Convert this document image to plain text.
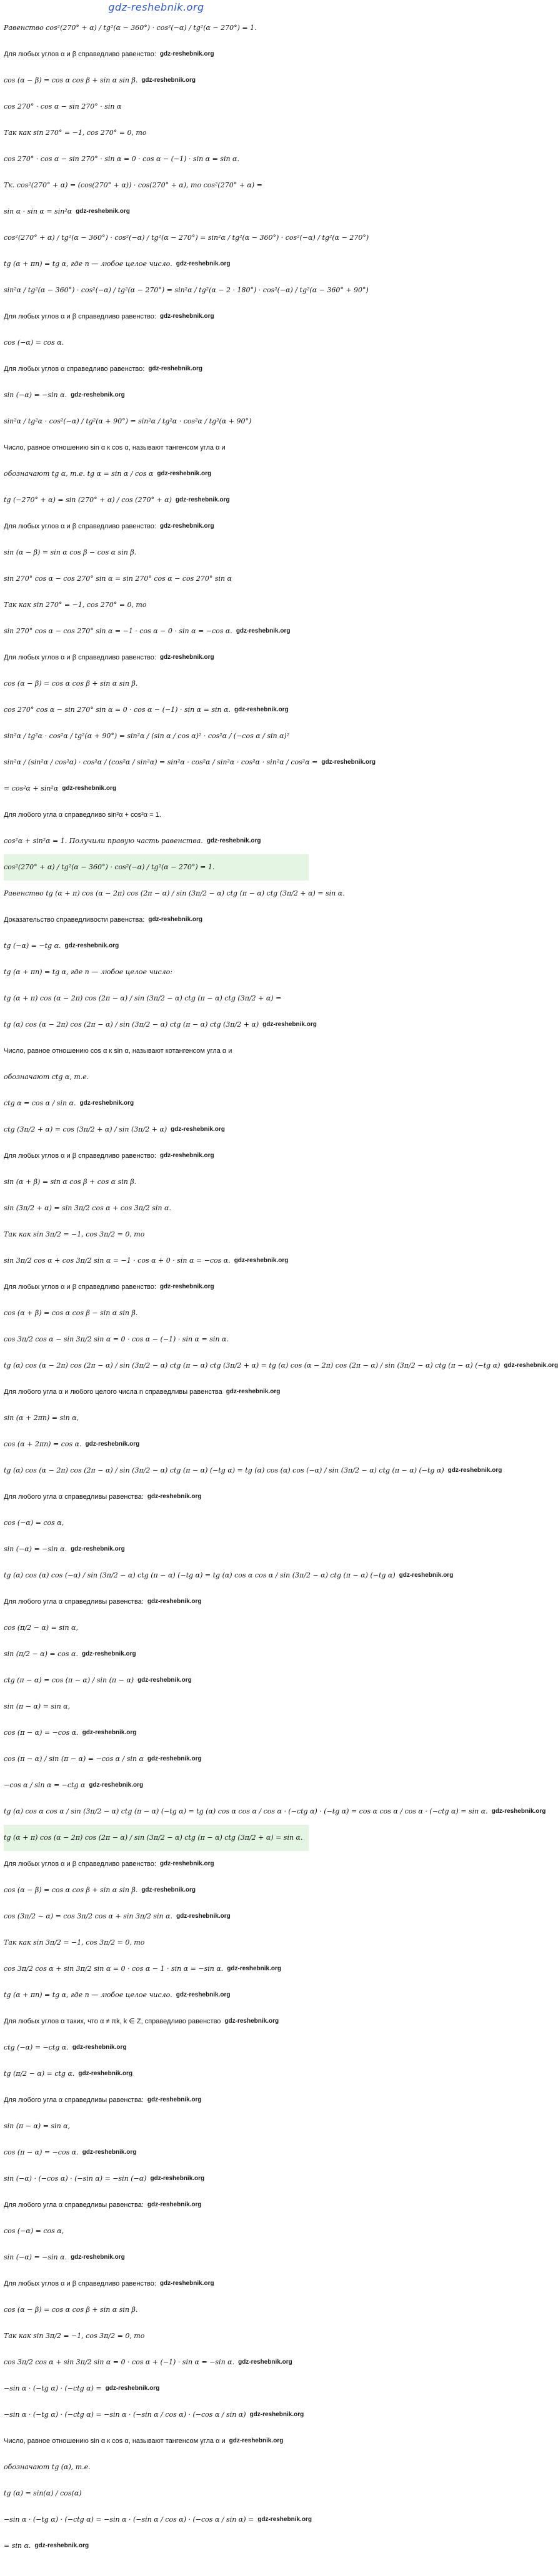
gdz-reshebnik.org
Равенство cos²(270° + α) / tg²(α − 360°) · cos²(−α) / tg²(α − 270°) = 1.
Для любых углов α и β справедливо равенство: gdz-reshebnik.org
cos (α − β) = cos α cos β + sin α sin β. gdz-reshebnik.org
cos 270° · cos α − sin 270° · sin α
Так как sin 270° = −1, cos 270° = 0, то
cos 270° · cos α − sin 270° · sin α = 0 · cos α − (−1) · sin α = sin α.
Тк. cos²(270° + α) = (cos(270° + α)) · cos(270° + α), то cos²(270° + α) =
sin α · sin α = sin²α gdz-reshebnik.org
cos²(270° + α) / tg²(α − 360°) · cos²(−α) / tg²(α − 270°) = sin²α / tg²(α − 360°) · cos²(−α) / tg²(α − 270°)
tg (α + πn) = tg α, где n — любое целое число. gdz-reshebnik.org
sin²α / tg²(α − 360°) · cos²(−α) / tg²(α − 270°) = sin²α / tg²(α − 2 · 180°) · cos²(−α) / tg²(α − 360° + 90°)
Для любых углов α и β справедливо равенство: gdz-reshebnik.org
cos (−α) = cos α.
Для любых углов α справедливо равенство: gdz-reshebnik.org
sin (−α) = −sin α. gdz-reshebnik.org
sin²α / tg²α · cos²(−α) / tg²(α + 90°) = sin²α / tg²α · cos²α / tg²(α + 90°)
Число, равное отношению sin α к cos α, называют тангенсом угла α и
обозначают tg α, т.е. tg α = sin α / cos α gdz-reshebnik.org
tg (−270° + α) = sin (270° + α) / cos (270° + α) gdz-reshebnik.org
Для любых углов α и β справедливо равенство: gdz-reshebnik.org
sin (α − β) = sin α cos β − cos α sin β.
sin 270° cos α − cos 270° sin α = sin 270° cos α − cos 270° sin α
Так как sin 270° = −1, cos 270° = 0, то
sin 270° cos α − cos 270° sin α = −1 · cos α − 0 · sin α = −cos α. gdz-reshebnik.org
Для любых углов α и β справедливо равенство: gdz-reshebnik.org
cos (α − β) = cos α cos β + sin α sin β.
cos 270° cos α − sin 270° sin α = 0 · cos α − (−1) · sin α = sin α. gdz-reshebnik.org
sin²α / tg²α · cos²α / tg²(α + 90°) = sin²α / (sin α / cos α)² · cos²α / (−cos α / sin α)²
sin²α / (sin²α / cos²α) · cos²α / (cos²α / sin²α) = sin²α · cos²α / sin²α · cos²α · sin²α / cos²α = gdz-reshebnik.org
= cos²α + sin²α gdz-reshebnik.org
Для любого угла α справедливо sin²α + cos²α = 1.
cos²α + sin²α = 1. Получили правую часть равенства. gdz-reshebnik.org
cos²(270° + α) / tg²(α − 360°) · cos²(−α) / tg²(α − 270°) = 1.
Равенство tg (α + π) cos (α − 2π) cos (2π − α) / sin (3π/2 − α) ctg (π − α) ctg (3π/2 + α) = sin α.
Доказательство справедливости равенства: gdz-reshebnik.org
tg (−α) = −tg α. gdz-reshebnik.org
tg (α + πn) = tg α, где n — любое целое число:
tg (α + π) cos (α − 2π) cos (2π − α) / sin (3π/2 − α) ctg (π − α) ctg (3π/2 + α) =
tg (α) cos (α − 2π) cos (2π − α) / sin (3π/2 − α) ctg (π − α) ctg (3π/2 + α) gdz-reshebnik.org
Число, равное отношению cos α к sin α, называют котангенсом угла α и
обозначают ctg α, т.е.
ctg α = cos α / sin α. gdz-reshebnik.org
ctg (3π/2 + α) = cos (3π/2 + α) / sin (3π/2 + α) gdz-reshebnik.org
Для любых углов α и β справедливо равенство: gdz-reshebnik.org
sin (α + β) = sin α cos β + cos α sin β.
sin (3π/2 + α) = sin 3π/2 cos α + cos 3π/2 sin α.
Так как sin 3π/2 = −1, cos 3π/2 = 0, то
sin 3π/2 cos α + cos 3π/2 sin α = −1 · cos α + 0 · sin α = −cos α. gdz-reshebnik.org
Для любых углов α и β справедливо равенство: gdz-reshebnik.org
cos (α + β) = cos α cos β − sin α sin β.
cos 3π/2 cos α − sin 3π/2 sin α = 0 · cos α − (−1) · sin α = sin α.
tg (α) cos (α − 2π) cos (2π − α) / sin (3π/2 − α) ctg (π − α) ctg (3π/2 + α) = tg (α) cos (α − 2π) cos (2π − α) / sin (3π/2 − α) ctg (π − α) (−tg α) gdz-reshebnik.org
Для любого угла α и любого целого числа n справедливы равенства gdz-reshebnik.org
sin (α + 2πn) = sin α,
cos (α + 2πn) = cos α. gdz-reshebnik.org
tg (α) cos (α − 2π) cos (2π − α) / sin (3π/2 − α) ctg (π − α) (−tg α) = tg (α) cos (α) cos (−α) / sin (3π/2 − α) ctg (π − α) (−tg α) gdz-reshebnik.org
Для любого угла α справедливы равенства: gdz-reshebnik.org
cos (−α) = cos α,
sin (−α) = −sin α. gdz-reshebnik.org
tg (α) cos (α) cos (−α) / sin (3π/2 − α) ctg (π − α) (−tg α) = tg (α) cos α cos α / sin (3π/2 − α) ctg (π − α) (−tg α) gdz-reshebnik.org
Для любого угла α справедливы равенства: gdz-reshebnik.org
cos (π/2 − α) = sin α,
sin (π/2 − α) = cos α. gdz-reshebnik.org
ctg (π − α) = cos (π − α) / sin (π − α) gdz-reshebnik.org
sin (π − α) = sin α,
cos (π − α) = −cos α. gdz-reshebnik.org
cos (π − α) / sin (π − α) = −cos α / sin α gdz-reshebnik.org
−cos α / sin α = −ctg α gdz-reshebnik.org
tg (α) cos α cos α / sin (3π/2 − α) ctg (π − α) (−tg α) = tg (α) cos α cos α / cos α · (−ctg α) · (−tg α) = cos α cos α / cos α · (−ctg α) = sin α. gdz-reshebnik.org
tg (α + π) cos (α − 2π) cos (2π − α) / sin (3π/2 − α) ctg (π − α) ctg (3π/2 + α) = sin α.
Для любых углов α и β справедливо равенство: gdz-reshebnik.org
cos (α − β) = cos α cos β + sin α sin β. gdz-reshebnik.org
cos (3π/2 − α) = cos 3π/2 cos α + sin 3π/2 sin α. gdz-reshebnik.org
Так как sin 3π/2 = −1, cos 3π/2 = 0, то
cos 3π/2 cos α + sin 3π/2 sin α = 0 · cos α − 1 · sin α = −sin α. gdz-reshebnik.org
tg (α + πn) = tg α, где n — любое целое число. gdz-reshebnik.org
Для любых углов α таких, что α ≠ πk, k ∈ Z, справедливо равенство gdz-reshebnik.org
ctg (−α) = −ctg α. gdz-reshebnik.org
tg (π/2 − α) = ctg α. gdz-reshebnik.org
Для любого угла α справедливы равенства: gdz-reshebnik.org
sin (π − α) = sin α,
cos (π − α) = −cos α. gdz-reshebnik.org
sin (−α) · (−cos α) · (−sin α) = −sin (−α) gdz-reshebnik.org
Для любого угла α справедливы равенства: gdz-reshebnik.org
cos (−α) = cos α,
sin (−α) = −sin α. gdz-reshebnik.org
Для любых углов α и β справедливо равенство: gdz-reshebnik.org
cos (α − β) = cos α cos β + sin α sin β.
Так как sin 3π/2 = −1, cos 3π/2 = 0, то
cos 3π/2 cos α + sin 3π/2 sin α = 0 · cos α + (−1) · sin α = −sin α. gdz-reshebnik.org
−sin α · (−tg α) · (−ctg α) = gdz-reshebnik.org
−sin α · (−tg α) · (−ctg α) = −sin α · (−sin α / cos α) · (−cos α / sin α) gdz-reshebnik.org
Число, равное отношению sin α к cos α, называют тангенсом угла α и gdz-reshebnik.org
обозначают tg (α), т.е.
tg (α) = sin(α) / cos(α)
−sin α · (−tg α) · (−ctg α) = −sin α · (−sin α / cos α) · (−cos α / sin α) = gdz-reshebnik.org
= sin α. gdz-reshebnik.org
